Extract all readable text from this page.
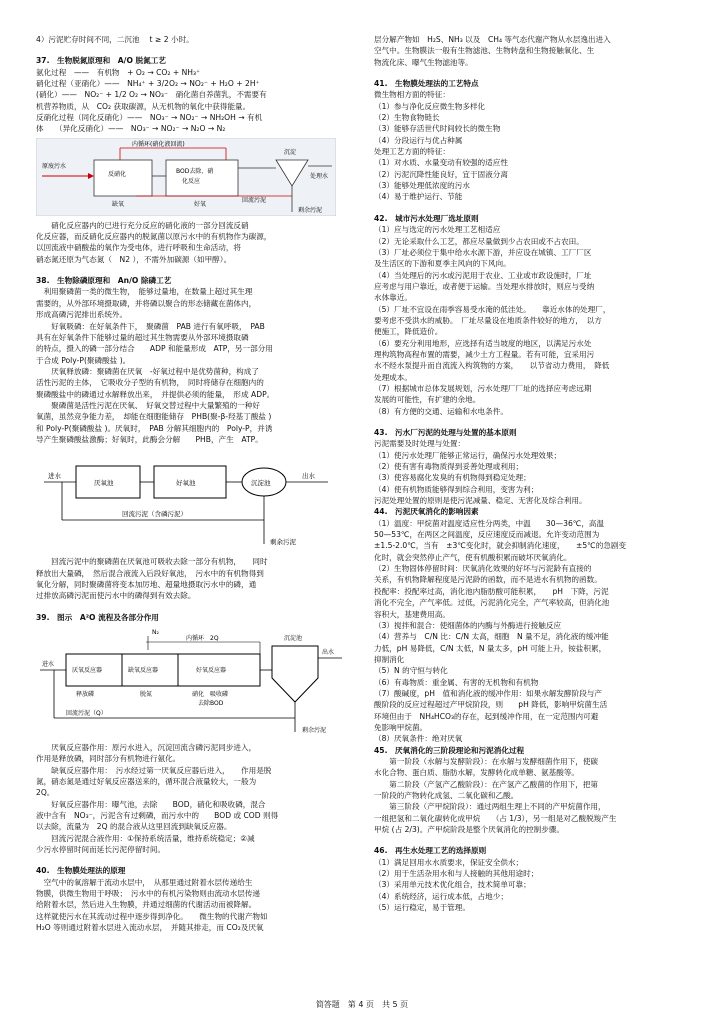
4）污泥贮存时间不同，二沉池　 t ≥ 2 小时。

37.　生物脱氮原理和　A/O 脱氮工艺

氨化过程　——　有机物　+ O₂ → CO₂ + NH₃⁺

硝化过程（亚硝化）——　NH₄⁺ + 3/2O₂ → NO₂⁻ + H₂O + 2H⁺

(硝化）——　NO₂⁻ + 1/2 O₂ → NO₃⁻　硝化菌自养菌乳，不需要有

机营养物质，从　CO₂ 获取碳源，从无机物的氧化中获得能量。

反硝化过程（同化反硝化）——　NO₃⁻ → NO₂⁻ → NH₂OH → 有机

体　　（异化反硝化）——　NO₃⁻ → NO₂⁻ → N₂O → N₂

原废污水
反硝化
缺氧
BOD去除、硝
化反应
好氧
内循环(硝化液回流)
沉淀
处理水
回流污泥
剩余污泥

　　硝化反应器内的已进行充分反应的硝化液的一部分回流反硝

化反应器，而反硝化反应器内的脱氮菌以原污水中的有机物作为碳源，

以回流液中硝酸盐的氧作为受电体，进行呼吸和生命活动，将

硝态氮还原为气态氮（　N2 ），不需外加碳源（如甲醇）。

38.　生物除磷原理和　An/O 除磷工艺

　利用聚磷菌一类的微生物，　能够过量地，在数量上超过其生理

需要的，从外部环境摄取磷，并将磷以聚合的形态储藏在菌体内，

形成高磷污泥排出系统外。

　　好氧吸磷：在好氧条件下，　聚磷菌　PAB 进行有氧呼吸，　PAB

具有在好氧条件下能够过量的超过其生物需要从外部环境摄取磷

的特点，摄入的磷一部分结合　　ADP 和能量形成　ATP，另一部分用

于合成 Poly-P(聚磷酸盐 )。

　　厌氧释放磷：聚磷菌在厌氧　-好氧过程中是优势菌种，构成了

活性污泥的主体，　它吸收分子型的有机物，　同时将储存在细胞内的

聚磷酸盐中的磷通过水解释放出来，　并提供必须的能量，　形成 ADP。

　　聚磷菌是活性污泥在厌氧、　好氧交替过程中大量繁殖的一种好

氧菌，虽然竞争能力差，　却能在细胞能储存　PHB(聚-β-羟基丁酸盐 )

和 Poly-P(聚磷酸盐 )。厌氧时，　PAB 分解其细胞内的　Poly-P，并诱

导产生聚磷酸盐激酶；好氧时，此酶会分解　　PHB，产生　ATP。

进水
厌氧池	好氧池	沉淀池
出水
回流污泥（含磷污泥）
剩余污泥

　　回流污泥中的聚磷菌在厌氧池可吸收去除一部分有机物，　　同时

释放出大量磷，　然后混合液流入后段好氧池，　污水中的有机物得到

氧化分解，同时聚磷菌将变本加厉地、超量地摄取污水中的磷，通

过排放高磷污泥而使污水中的磷得到有效去除。

39.　图示　A²O 流程及各部分作用

N₂
内循环　2Q	沉淀池
进水
厌氧反应器	缺氧反应器	好氧反应器
出水
释放磷	脱氮	硝化　吸收磷
去除BOD
回流污泥（Q）
剩余污泥

　　厌氧反应器作用：原污水进入，沉淀回流含磷污泥同步进入，

作用是释放磷，同时部分有机物进行氨化。

　　缺氧反应器作用：　污水经过第一厌氧反应器后进入，　　作用是脱

氮，硝态氮是通过好氧反应器送来的，循环混合液量较大，一般为

2Q。

　　好氧反应器作用：曝气池，去除　　BOD，硝化和吸收磷，混合

液中含有　NO₃⁻，污泥含有过剩磷，而污水中的　　BOD 或 COD 则得

以去除，流量为　2Q 的混合液从这里回流到缺氧反应器。

　　回流污泥混合液作用：①保持系统活量，维持系统稳定；②减

少污水停留时间而延长污泥停留时间。

40.　生物膜处理法的原理

　空气中的氧溶解于流动水层中，　从那里通过附着水层传递给生

物膜，供微生物用于呼吸；　污水中的有机污染物则由流动水层传递

给附着水层，然后进入生物膜，并通过细菌的代谢活动而被降解。

这样就使污水在其流动过程中逐步得到净化。　　微生物的代谢产物如

H₂O 等则通过附着水层进入流动水层，　并随其排走，而 CO₂及厌氧

层分解产物如　H₂S、NH₃ 以及　CH₄ 等气态代谢产物从水层逸出进入

空气中。生物膜法一般有生物滤池、生物转盘和生物接触氧化、生

物流化床、曝气生物滤池等。

41.　生物膜处理法的工艺特点

微生物相方面的特征：

（1）参与净化反应微生物多样化

（2）生物食物链长

（3）能够存活世代时间较长的微生物

（4）分段运行与优占种属

处理工艺方面的特征：

（1）对水质、水量变动有较强的适应性

（2）污泥沉降性能良好，宜于固液分离

（3）能够处理低浓度的污水

（4）易于维护运行、节能

42.　城市污水处理厂选址原则

（1）应与选定的污水处理工艺相适应

（2）无论采取什么工艺，都应尽量做到少占农田或不占农田。

（3）厂址必须位于集中给水水源下游，并应设在城镇、工厂厂区

及生活区的下游和夏季主风向的下风向。

（4）当处理后的污水或污泥用于农业、工业或市政设施时，厂址

应考虑与用户靠近，或者便于运输。当处理水排放时，则应与受纳

水体靠近。

（5）厂址不宜设在雨季容易受水淹的低洼处。　　靠近水体的处理厂，

要考虑不受洪水的威胁。　厂址尽量设在地质条件较好的地方，　以方

便施工，降低造价。

（6）要充分利用地形，应选择有适当坡度的地区，以满足污水处

理构筑物高程布置的需要，减少土方工程量。若有可能，宜采用污

水不经水泵提升而自流流入构筑物的方案，　　以节省动力费用，　降低

处理成本。

（7）根据城市总体发展规划，污水处理厂厂址的选择应考虑远期

发展的可能性，有扩建的余地。

（8）有方便的交通、运输和水电条件。

43.　污水厂污泥的处理与处置的基本原则

污泥需要及时处理与处置：

（1）使污水处理厂能够正常运行，确保污水处理效果；

（2）使有害有毒物质得到妥善处理或利用；

（3）使容易腐化发臭的有机物得到稳定处理；

（4）使有机物质能够得到综合利用，变害为利；

污泥处理处置的原则是使污泥减量、稳定、无害化及综合利用。

44.　污泥厌氧消化的影响因素

（1）温度：甲烷菌对温度适应性分两类，中温　　30—36℃，高温

50—53℃，在两区之间温度，反应速度反而减退。允许变动范围为

±1.5-2.0℃，当有　±3℃变化时，就会抑制消化速度，　　±5℃的急剧变

化时，就会突然停止产气，使有机酸积累而破坏厌氧消化。

（2）生物固体停留时间：厌氧消化效果的好坏与污泥龄有直接的

关系，有机物降解程度是污泥龄的函数，而不是进水有机物的函数。

投配率：投配率过高，消化池内脂肪酸可能积累，　　pH　下降，污泥

消化不完全，产气率低。过低，污泥消化完全，产气率较高，但消化池

容积大，基建费用高。

（3）搅拌和混合：使细菌体的内酶与外酶进行接触反应

（4）营养与　C/N 比：C/N 太高，细胞　N 量不足，消化液的缓冲能

力低，pH 易降低，C/N 太低，N 量太多，pH 可能上升，铵盐积累，

抑制消化

（5）N 的守恒与转化

（6）有毒物质：重金属、有害的无机物和有机物

（7）酸碱度，pH　值和消化液的缓冲作用：如果水解发酵阶段与产

酸阶段的反应过程超过产甲烷阶段，则　　pH 降低，影响甲烷菌生活

环境但由于　NH₄HCO₃的存在，起到缓冲作用，在一定范围内可避

免影响甲烷菌。

（8）厌氧条件：绝对厌氧

45.　厌氧消化的三阶段理论和污泥消化过程

　　第一阶段（水解与发酵阶段）：在水解与发酵细菌作用下，使碳

水化合物、蛋白质、脂肪水解，发酵转化成单糖、氨基酸等。

　　第二阶段（产氢产乙酸阶段）：在产氢产乙酸菌的作用下，把第

一阶段的产物转化成氢、二氧化碳和乙酸。

　　第三阶段（产甲烷阶段）：通过两组生理上不同的产甲烷菌作用，

一组把氢和二氧化碳转化成甲烷　　（占 1/3），另一组是对乙酸脱羧产生

甲烷 (占 2/3)。产甲烷阶段是整个厌氧消化的控制步骤。

46.　再生水处理工艺的选择原则

（1）满足回用水水质要求，保证安全供水；

（2）用于生活杂用水和与人接触的其他用途时；

（3）采用单元技术优化组合，技术简单可靠；

（4）系统经济，运行成本低，占地少；

（5）运行稳定，易于管理。

简答题　第 4 页　共 5 页
